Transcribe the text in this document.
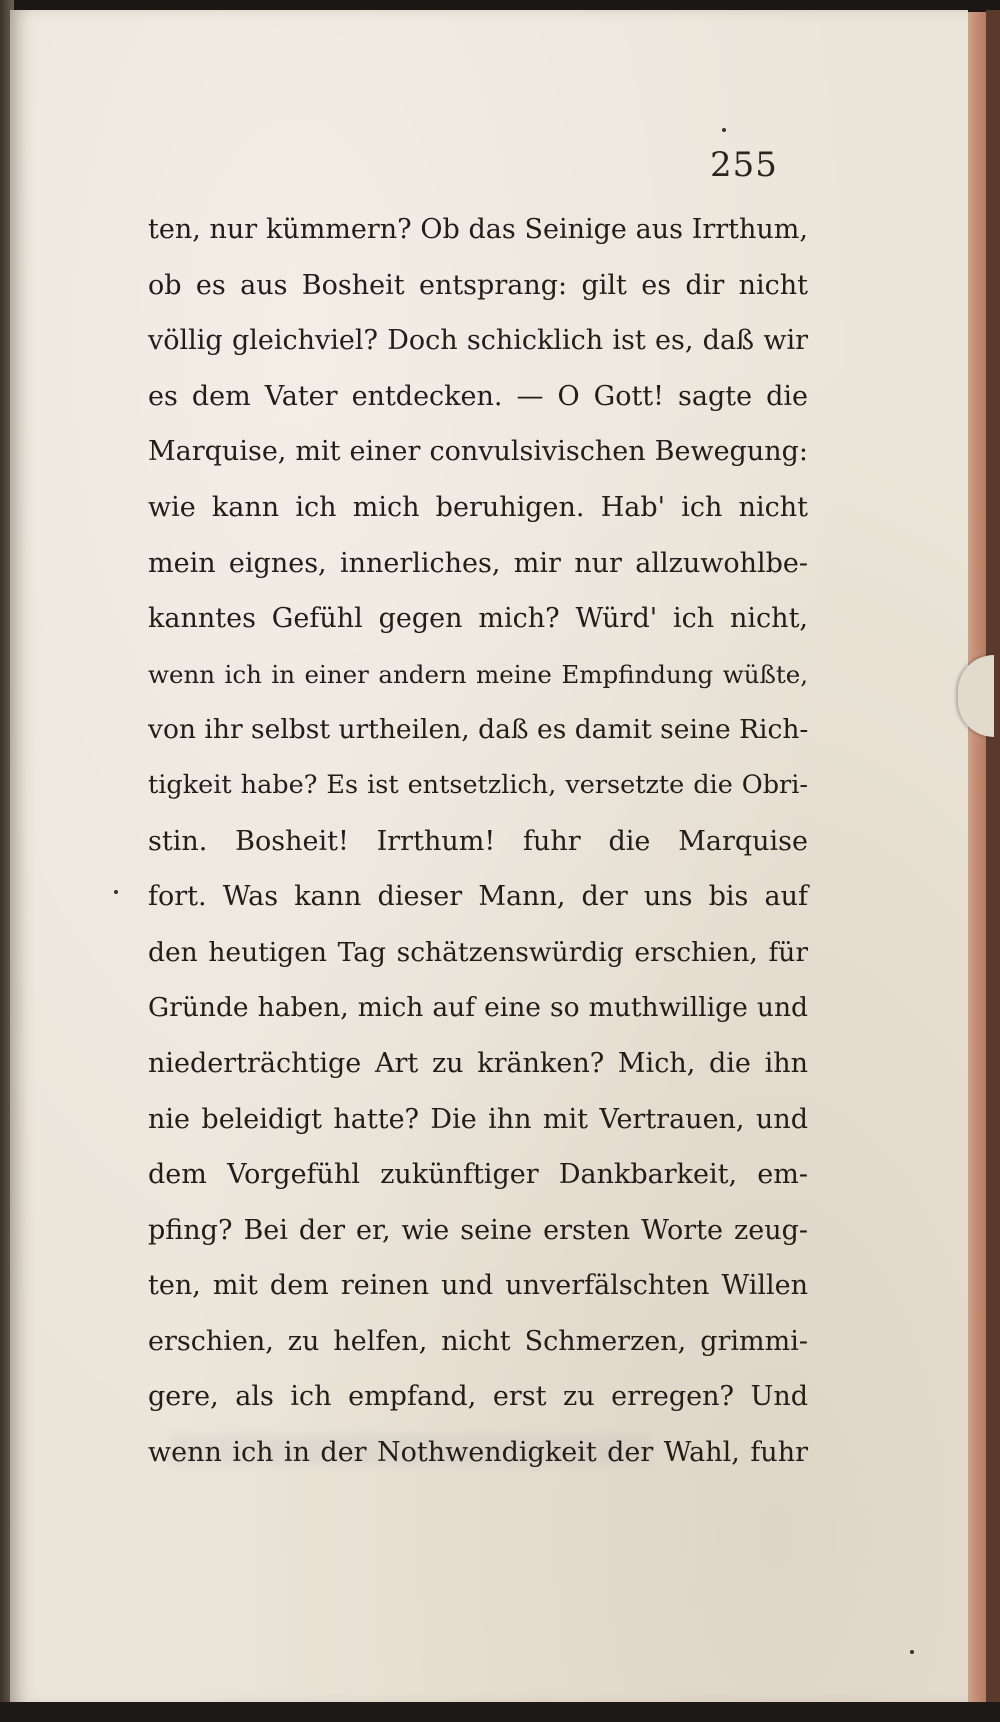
255
ten, nur kümmern? Ob das Seinige aus Irrthum,
ob es aus Bosheit entsprang: gilt es dir nicht
völlig gleichviel? Doch schicklich ist es, daß wir
es dem Vater entdecken. — O Gott! sagte die
Marquise, mit einer convulsivischen Bewegung:
wie kann ich mich beruhigen. Hab' ich nicht
mein eignes, innerliches, mir nur allzuwohlbe-
kanntes Gefühl gegen mich? Würd' ich nicht,
wenn ich in einer andern meine Empfindung wüßte,
von ihr selbst urtheilen, daß es damit seine Rich-
tigkeit habe? Es ist entsetzlich, versetzte die Obri-
stin. Bosheit! Irrthum! fuhr die Marquise
fort. Was kann dieser Mann, der uns bis auf
den heutigen Tag schätzenswürdig erschien, für
Gründe haben, mich auf eine so muthwillige und
niederträchtige Art zu kränken? Mich, die ihn
nie beleidigt hatte? Die ihn mit Vertrauen, und
dem Vorgefühl zukünftiger Dankbarkeit, em-
pfing? Bei der er, wie seine ersten Worte zeug-
ten, mit dem reinen und unverfälschten Willen
erschien, zu helfen, nicht Schmerzen, grimmi-
gere, als ich empfand, erst zu erregen? Und
wenn ich in der Nothwendigkeit der Wahl, fuhr
